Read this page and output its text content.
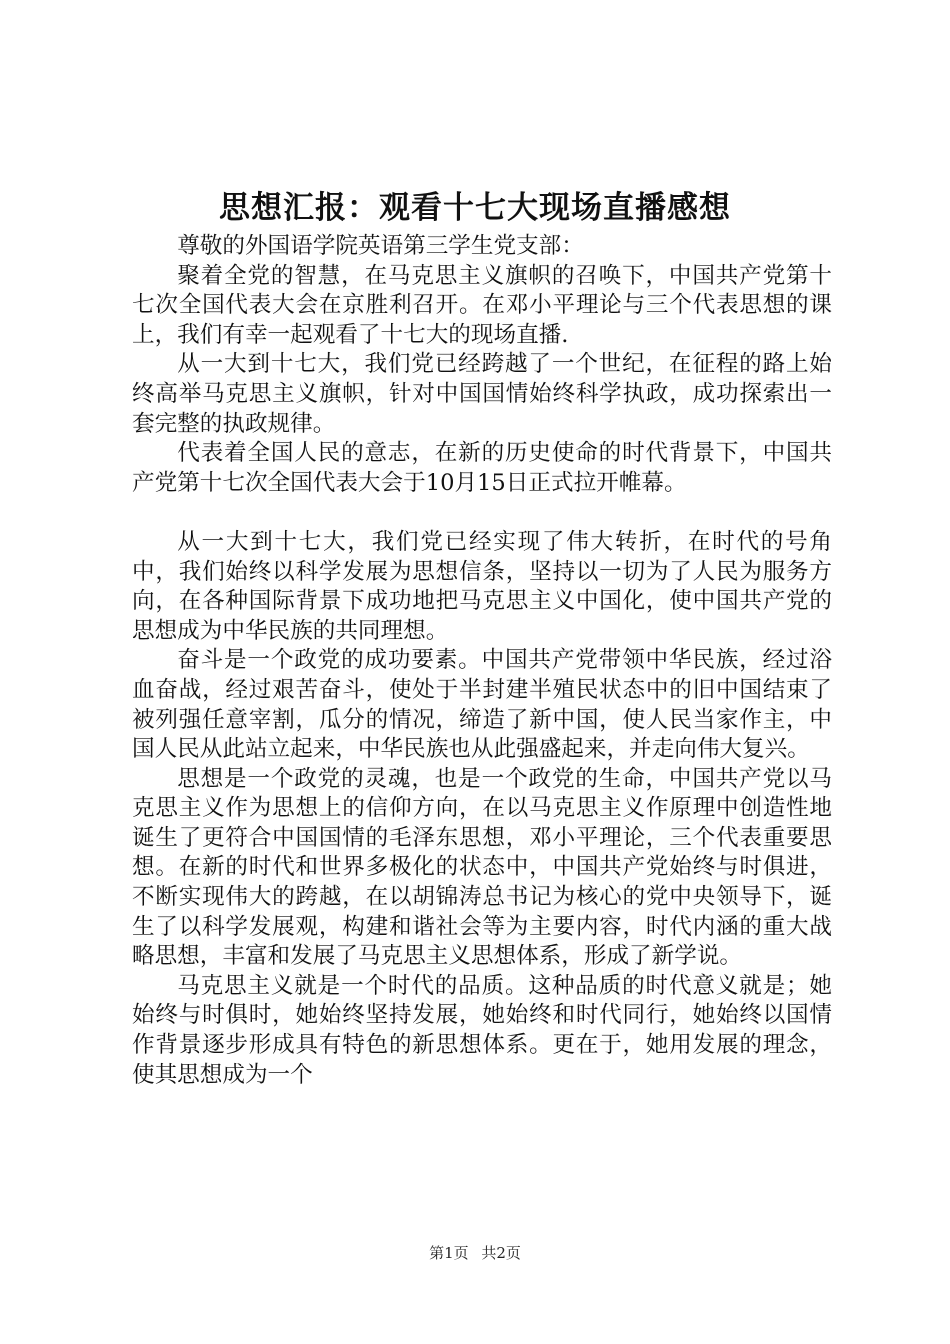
思想汇报：观看十七大现场直播感想

尊敬的外国语学院英语第三学生党支部：

聚着全党的智慧，在马克思主义旗帜的召唤下，中国共产党第十七次全国代表大会在京胜利召开。在邓小平理论与三个代表思想的课上，我们有幸一起观看了十七大的现场直播.

从一大到十七大，我们党已经跨越了一个世纪，在征程的路上始终高举马克思主义旗帜，针对中国国情始终科学执政，成功探索出一套完整的执政规律。

代表着全国人民的意志，在新的历史使命的时代背景下，中国共产党第十七次全国代表大会于10月15日正式拉开帷幕。

从一大到十七大，我们党已经实现了伟大转折，在时代的号角中，我们始终以科学发展为思想信条，坚持以一切为了人民为服务方向，在各种国际背景下成功地把马克思主义中国化，使中国共产党的思想成为中华民族的共同理想。

奋斗是一个政党的成功要素。中国共产党带领中华民族，经过浴血奋战，经过艰苦奋斗，使处于半封建半殖民状态中的旧中国结束了被列强任意宰割，瓜分的情况，缔造了新中国，使人民当家作主，中国人民从此站立起来，中华民族也从此强盛起来，并走向伟大复兴。

思想是一个政党的灵魂，也是一个政党的生命，中国共产党以马克思主义作为思想上的信仰方向，在以马克思主义作原理中创造性地诞生了更符合中国国情的毛泽东思想，邓小平理论，三个代表重要思想。在新的时代和世界多极化的状态中，中国共产党始终与时俱进，不断实现伟大的跨越，在以胡锦涛总书记为核心的党中央领导下，诞生了以科学发展观，构建和谐社会等为主要内容，时代内涵的重大战略思想，丰富和发展了马克思主义思想体系，形成了新学说。

马克思主义就是一个时代的品质。这种品质的时代意义就是；她始终与时俱时，她始终坚持发展，她始终和时代同行，她始终以国情作背景逐步形成具有特色的新思想体系。更在于，她用发展的理念，使其思想成为一个

第1页 共2页
